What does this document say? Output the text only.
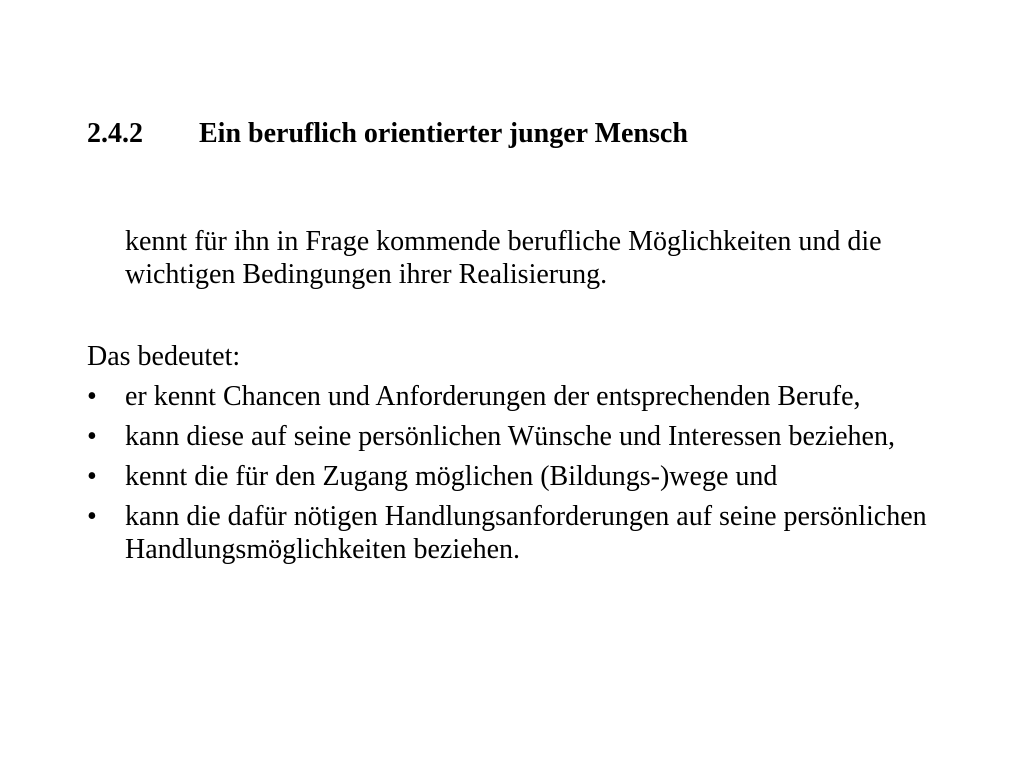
2.4.2 Ein beruflich orientierter junger Mensch
kennt für ihn in Frage kommende berufliche Möglichkeiten und die wichtigen Bedingungen ihrer Realisierung.
Das bedeutet:
•	er kennt Chancen und Anforderungen der entsprechenden Berufe,
•	kann diese auf seine persönlichen Wünsche und Interessen beziehen,
•	kennt die für den Zugang möglichen (Bildungs-)wege und
•	kann die dafür nötigen Handlungsanforderungen auf seine persönlichen Handlungsmöglichkeiten beziehen.
